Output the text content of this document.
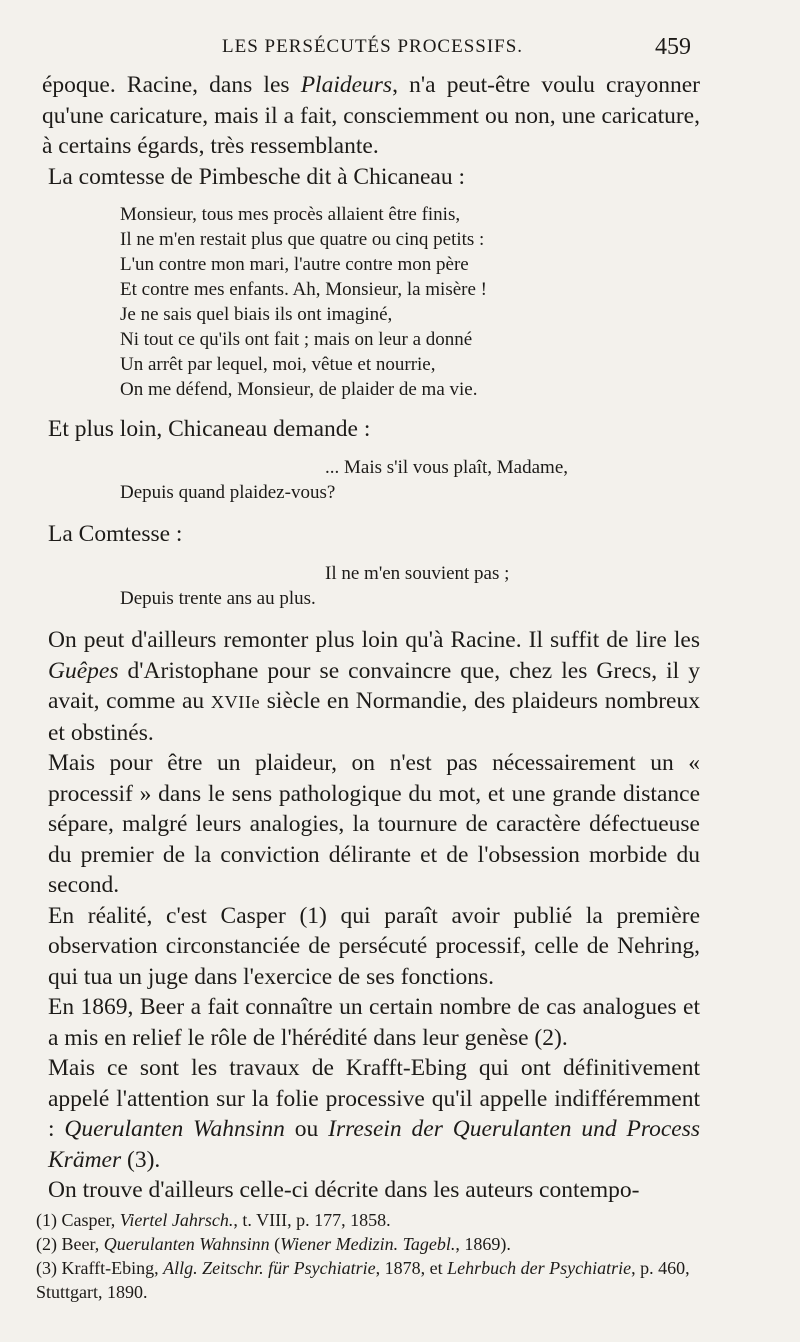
LES PERSÉCUTÉS PROCESSIFS.	459

époque. Racine, dans les Plaideurs, n'a peut-être voulu crayonner qu'une caricature, mais il a fait, consciemment ou non, une caricature, à certains égards, très ressemblante.

La comtesse de Pimbesche dit à Chicaneau :

Monsieur, tous mes procès allaient être finis,
Il ne m'en restait plus que quatre ou cinq petits :
L'un contre mon mari, l'autre contre mon père
Et contre mes enfants. Ah, Monsieur, la misère !
Je ne sais quel biais ils ont imaginé,
Ni tout ce qu'ils ont fait ; mais on leur a donné
Un arrêt par lequel, moi, vêtue et nourrie,
On me défend, Monsieur, de plaider de ma vie.

Et plus loin, Chicaneau demande :

... Mais s'il vous plaît, Madame,
Depuis quand plaidez-vous?

La Comtesse :

Il ne m'en souvient pas ;
Depuis trente ans au plus.

On peut d'ailleurs remonter plus loin qu'à Racine. Il suffit de lire les Guêpes d'Aristophane pour se convaincre que, chez les Grecs, il y avait, comme au XVIIe siècle en Normandie, des plaideurs nombreux et obstinés.

Mais pour être un plaideur, on n'est pas nécessairement un « processif » dans le sens pathologique du mot, et une grande distance sépare, malgré leurs analogies, la tournure de caractère défectueuse du premier de la conviction délirante et de l'obsession morbide du second.

En réalité, c'est Casper (1) qui paraît avoir publié la première observation circonstanciée de persécuté processif, celle de Nehring, qui tua un juge dans l'exercice de ses fonctions.

En 1869, Beer a fait connaître un certain nombre de cas analogues et a mis en relief le rôle de l'hérédité dans leur genèse (2).

Mais ce sont les travaux de Krafft-Ebing qui ont définitivement appelé l'attention sur la folie processive qu'il appelle indifféremment : Querulanten Wahnsinn ou Irresein der Querulanten und Process Krämer (3).

On trouve d'ailleurs celle-ci décrite dans les auteurs contempo-

(1) Casper, Viertel Jahrsch., t. VIII, p. 177, 1858.
(2) Beer, Querulanten Wahnsinn (Wiener Medizin. Tagebl., 1869).
(3) Krafft-Ebing, Allg. Zeitschr. für Psychiatrie, 1878, et Lehrbuch der Psychiatrie, p. 460, Stuttgart, 1890.
